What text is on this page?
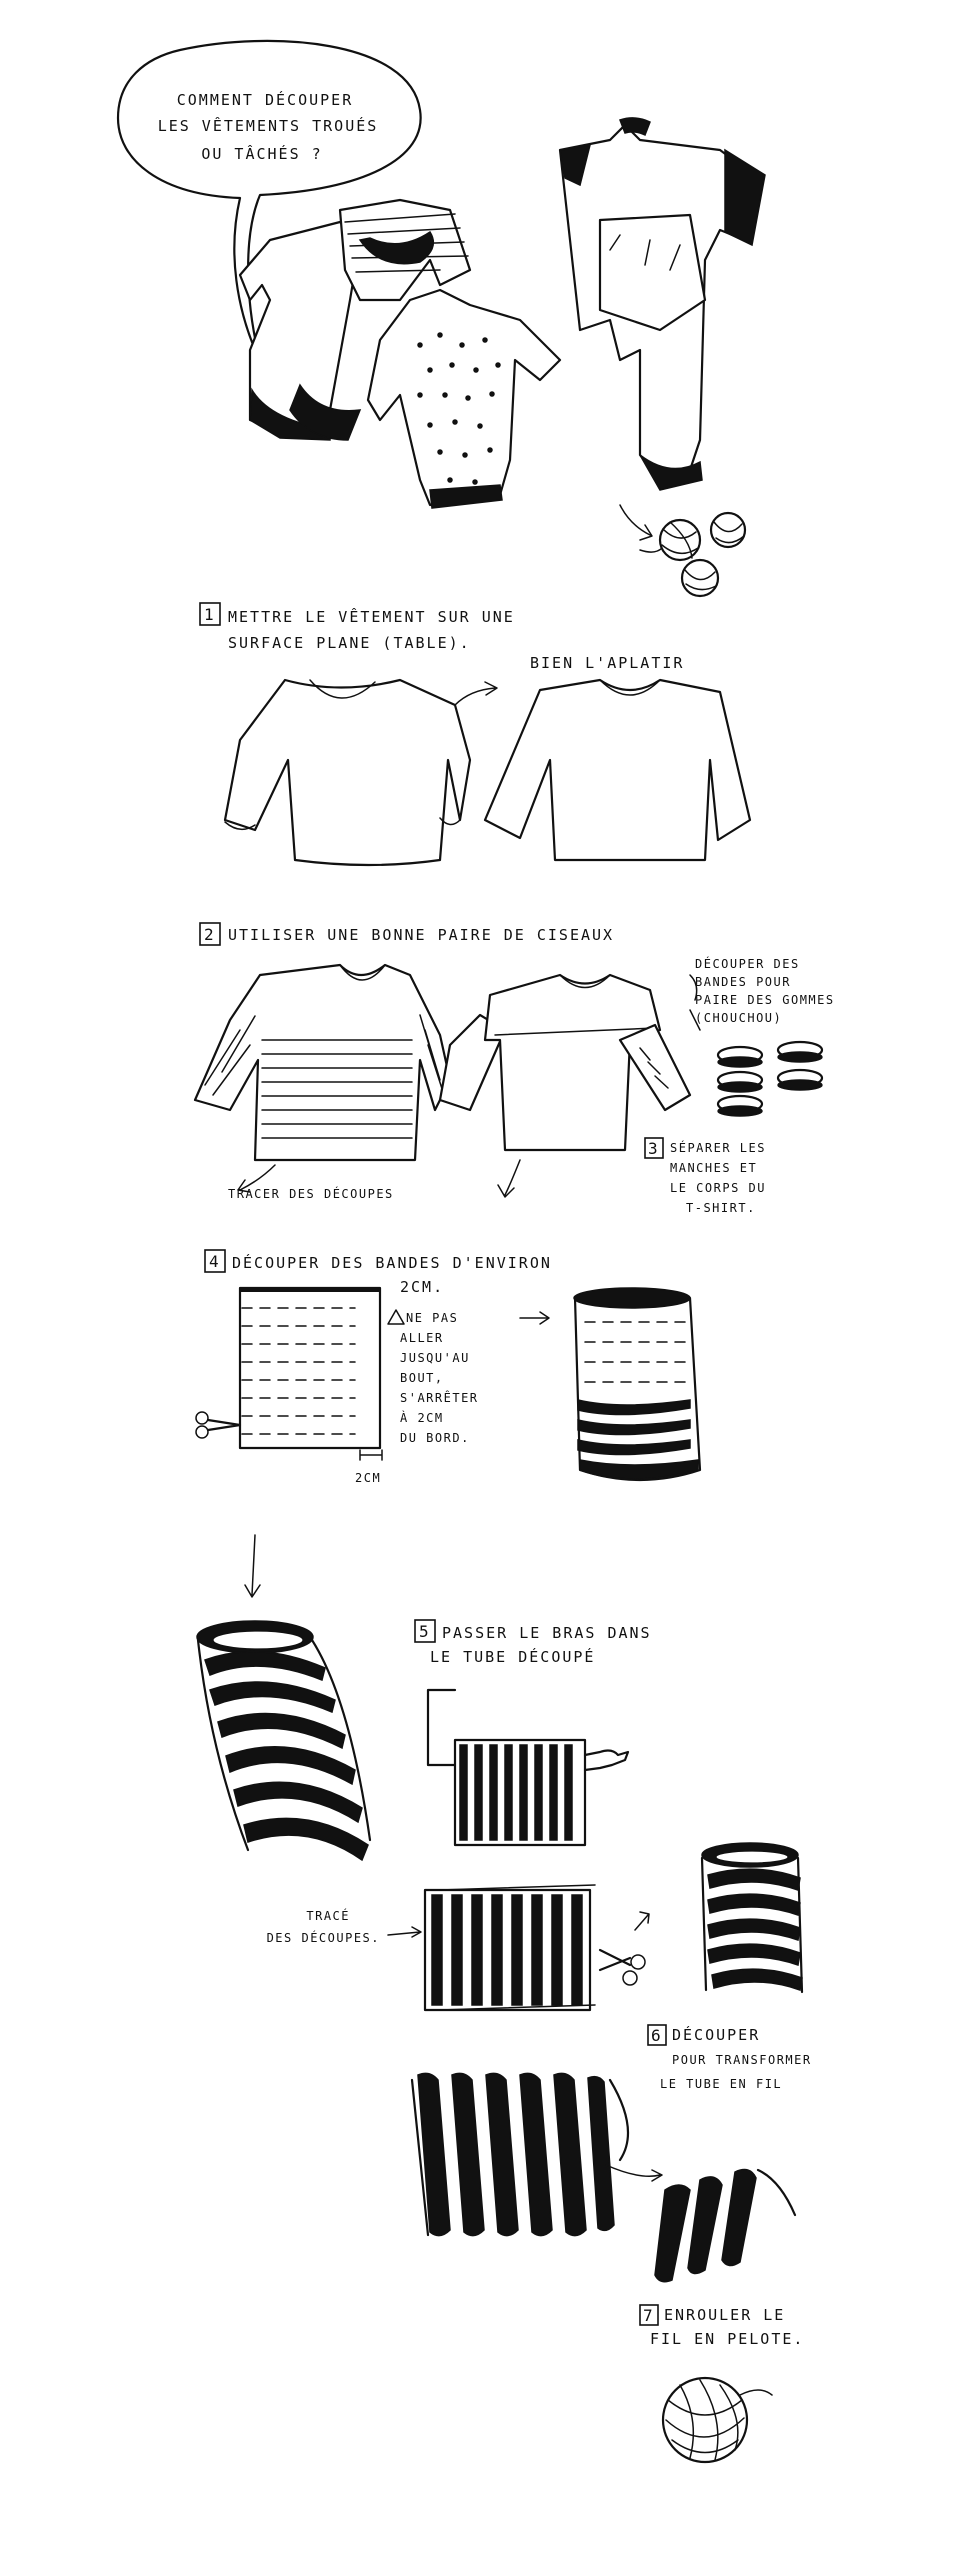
COMMENT DÉCOUPER
LES VÊTEMENTS TROUÉS
OU TÂCHÉS ?
1 METTRE LE VÊTEMENT SUR UNE
SURFACE PLANE (TABLE).
BIEN L'APLATIR
2 UTILISER UNE BONNE PAIRE DE CISEAUX
TRACER DES DÉCOUPES
DÉCOUPER DES
BANDES POUR
PAIRE DES GOMMES
(CHOUCHOU)
3 SÉPARER LES
MANCHES ET
LE CORPS DU
T-SHIRT.
4 DÉCOUPER DES BANDES D'ENVIRON
2CM.
2CM
NE PAS
ALLER
JUSQU'AU
BOUT,
S'ARRÊTER
À 2CM
DU BORD.
5 PASSER LE BRAS DANS
LE TUBE DÉCOUPÉ
TRACÉ
DES DÉCOUPES.
6 DÉCOUPER
POUR TRANSFORMER
LE TUBE EN FIL
7 ENROULER LE
FIL EN PELOTE.
